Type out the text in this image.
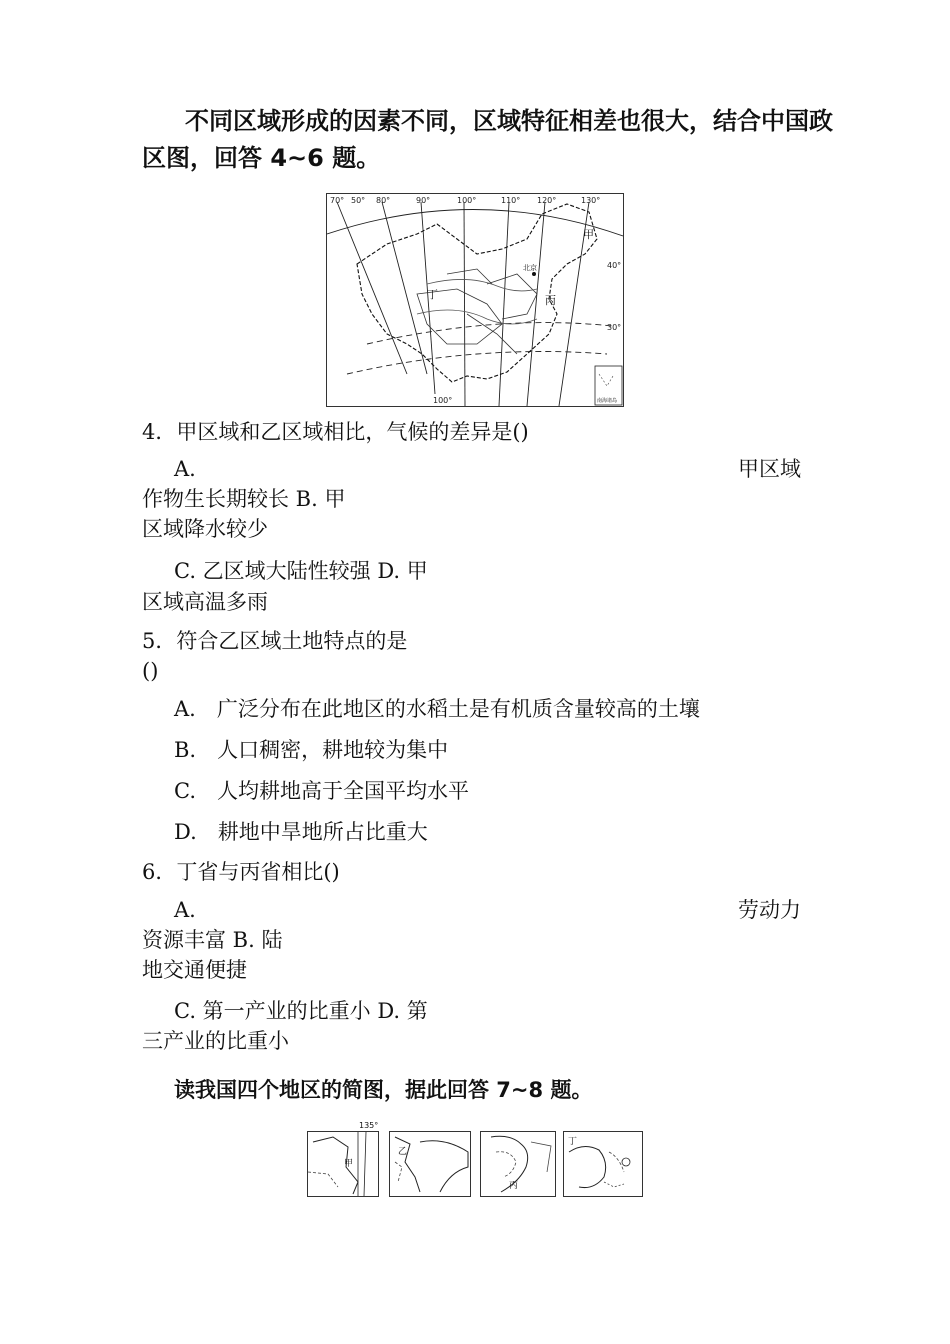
不同区域形成的因素不同，区域特征相差也很大，结合中国政
区图，回答 4~6 题。
70° 50° 80°	90°	100°	110° 120°	130°
40°
30°
100°
甲
丁	丙
北京
南海诸岛
4．甲区域和乙区域相比，气候的差异是()
A.	甲区域
作物生长期较长 B. 甲
区域降水较少
C. 乙区域大陆性较强 D. 甲
区域高温多雨
5．符合乙区域土地特点的是
()
A.　广泛分布在此地区的水稻土是有机质含量较高的土壤
B.　人口稠密，耕地较为集中
C.　人均耕地高于全国平均水平
D.　耕地中旱地所占比重大
6．丁省与丙省相比()
A.	劳动力
资源丰富 B. 陆
地交通便捷
C. 第一产业的比重小 D. 第
三产业的比重小
读我国四个地区的简图，据此回答 7~8 题。
甲
135°
乙
丙
丁
